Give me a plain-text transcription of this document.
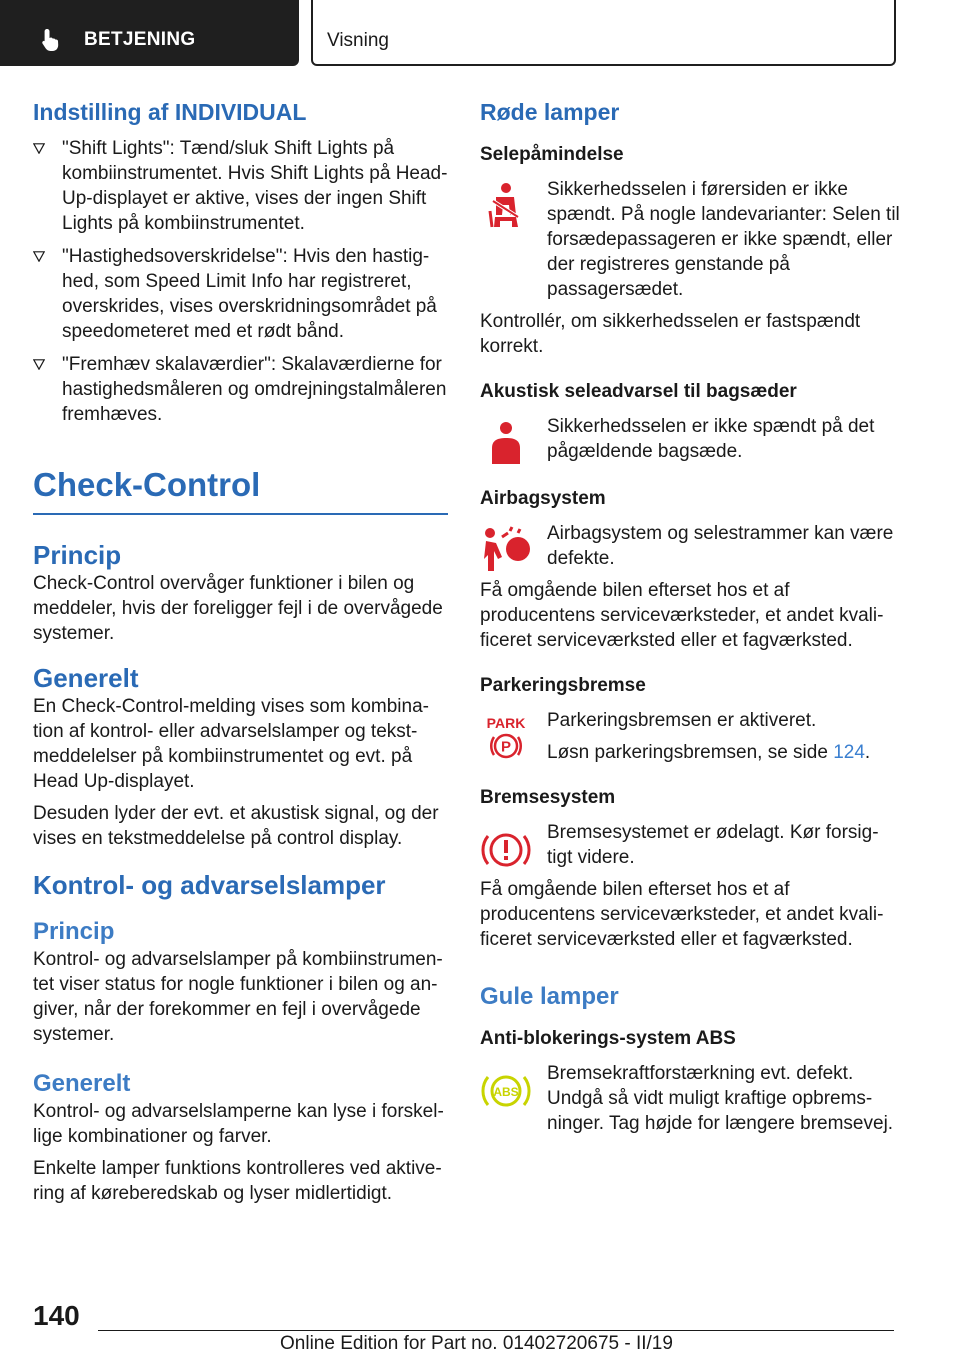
BETJENING	Visning
Indstilling af INDIVIDUAL
"Shift Lights": Tænd/sluk Shift Lights på kombiinstrumentet. Hvis Shift Lights på Head-Up-displayet er aktive, vises der ingen Shift Lights på kombiinstrumentet.
"Hastighedsoverskridelse": Hvis den hastig-hed, som Speed Limit Info har registreret, overskrides, vises overskridningsområdet på speedometeret med et rødt bånd.
"Fremhæv skalaværdier": Skalaværdierne for hastighedsmåleren og omdrejningstalmåleren fremhæves.
Check-Control
Princip

Check-Control overvåger funktioner i bilen og meddeler, hvis der foreligger fejl i de overvågede systemer.

Generelt

En Check-Control-melding vises som kombina-tion af kontrol- eller advarselslamper og tekst-meddelelser på kombiinstrumentet og evt. på Head Up-displayet.

Desuden lyder der evt. et akustisk signal, og der vises en tekstmeddelelse på control display.

Kontrol- og advarselslamper
Princip

Kontrol- og advarselslamper på kombiinstrumen-tet viser status for nogle funktioner i bilen og an-giver, når der forekommer en fejl i overvågede systemer.

Generelt

Kontrol- og advarselslamperne kan lyse i forskel-lige kombinationer og farver.

Enkelte lamper funktions kontrolleres ved aktive-ring af køreberedskab og lyser midlertidigt.

Røde lamper
Selepåmindelse

Sikkerhedsselen i førersiden er ikke spændt. På nogle landevarianter: Selen til forsædepassageren er ikke spændt, eller der registreres genstande på passagersædet.

Kontrollér, om sikkerhedsselen er fastspændt korrekt.

Akustisk seleadvarsel til bagsæder

Sikkerhedsselen er ikke spændt på det pågældende bagsæde.

Airbagsystem

Airbagsystem og selestrammer kan være defekte.

Få omgående bilen efterset hos et af producentens serviceværksteder, et andet kvali-ficeret serviceværksted eller et fagværksted.

Parkeringsbremse
PARK
P

Parkeringsbremsen er aktiveret.

Løsn parkeringsbremsen, se side 124.

Bremsesystem

Bremsesystemet er ødelagt. Kør forsig-tigt videre.

Få omgående bilen efterset hos et af producentens serviceværksteder, et andet kvali-ficeret serviceværksted eller et fagværksted.

Gule lamper
Anti-blokerings-system ABS
ABS

Bremsekraftforstærkning evt. defekt. Undgå så vidt muligt kraftige opbrems-ninger. Tag højde for længere bremsevej.

140
Online Edition for Part no. 01402720675 - II/19
